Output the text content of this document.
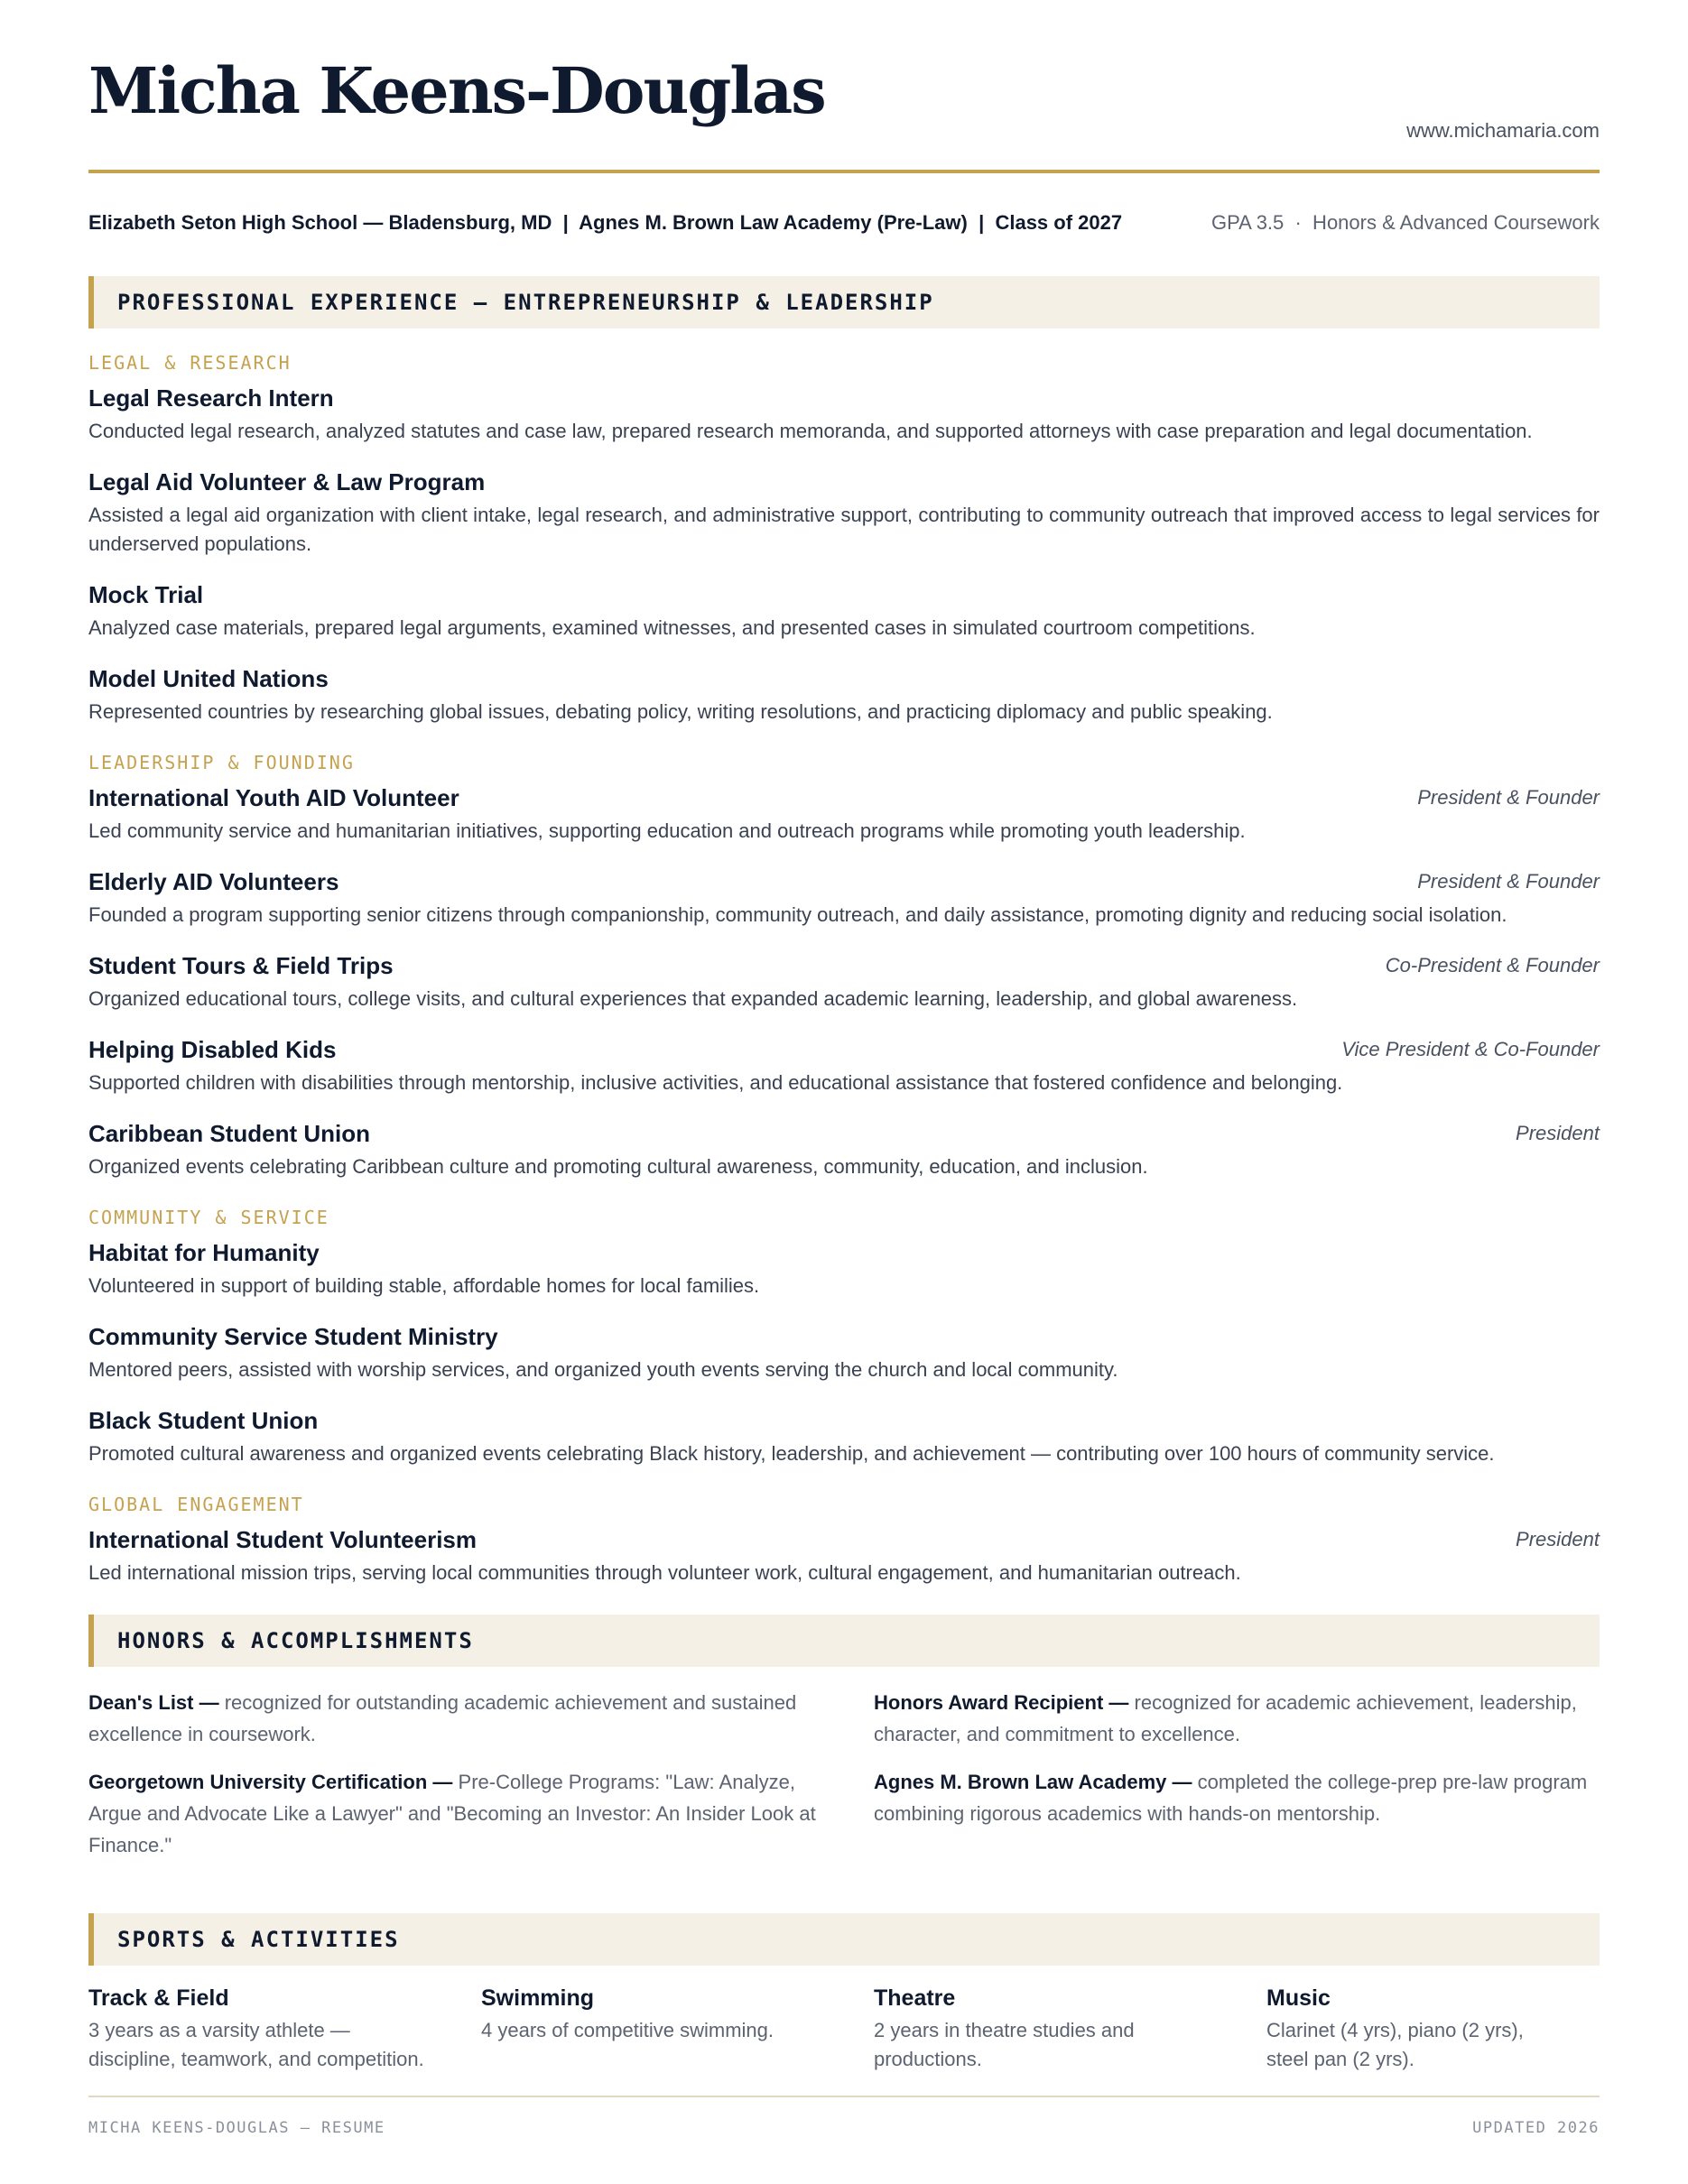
Micha Keens-Douglas
www.michamaria.com
Elizabeth Seton High School — Bladensburg, MD  |  Agnes M. Brown Law Academy (Pre-Law)  |  Class of 2027	GPA 3.5  ·  Honors & Advanced Coursework
PROFESSIONAL EXPERIENCE — ENTREPRENEURSHIP & LEADERSHIP
LEGAL & RESEARCH
Legal Research Intern
Conducted legal research, analyzed statutes and case law, prepared research memoranda, and supported attorneys with case preparation and legal documentation.
Legal Aid Volunteer & Law Program
Assisted a legal aid organization with client intake, legal research, and administrative support, contributing to community outreach that improved access to legal services for underserved populations.
Mock Trial
Analyzed case materials, prepared legal arguments, examined witnesses, and presented cases in simulated courtroom competitions.
Model United Nations
Represented countries by researching global issues, debating policy, writing resolutions, and practicing diplomacy and public speaking.
LEADERSHIP & FOUNDING
International Youth AID Volunteer	President & Founder
Led community service and humanitarian initiatives, supporting education and outreach programs while promoting youth leadership.
Elderly AID Volunteers	President & Founder
Founded a program supporting senior citizens through companionship, community outreach, and daily assistance, promoting dignity and reducing social isolation.
Student Tours & Field Trips	Co-President & Founder
Organized educational tours, college visits, and cultural experiences that expanded academic learning, leadership, and global awareness.
Helping Disabled Kids	Vice President & Co-Founder
Supported children with disabilities through mentorship, inclusive activities, and educational assistance that fostered confidence and belonging.
Caribbean Student Union	President
Organized events celebrating Caribbean culture and promoting cultural awareness, community, education, and inclusion.
COMMUNITY & SERVICE
Habitat for Humanity
Volunteered in support of building stable, affordable homes for local families.
Community Service Student Ministry
Mentored peers, assisted with worship services, and organized youth events serving the church and local community.
Black Student Union
Promoted cultural awareness and organized events celebrating Black history, leadership, and achievement — contributing over 100 hours of community service.
GLOBAL ENGAGEMENT
International Student Volunteerism	President
Led international mission trips, serving local communities through volunteer work, cultural engagement, and humanitarian outreach.
HONORS & ACCOMPLISHMENTS
Dean's List — recognized for outstanding academic achievement and sustained excellence in coursework.
Honors Award Recipient — recognized for academic achievement, leadership, character, and commitment to excellence.
Georgetown University Certification — Pre-College Programs: "Law: Analyze, Argue and Advocate Like a Lawyer" and "Becoming an Investor: An Insider Look at Finance."
Agnes M. Brown Law Academy — completed the college-prep pre-law program combining rigorous academics with hands-on mentorship.
SPORTS & ACTIVITIES
Track & Field
3 years as a varsity athlete — discipline, teamwork, and competition.
Swimming
4 years of competitive swimming.
Theatre
2 years in theatre studies and productions.
Music
Clarinet (4 yrs), piano (2 yrs), steel pan (2 yrs).
MICHA KEENS-DOUGLAS — RESUME	UPDATED 2026
